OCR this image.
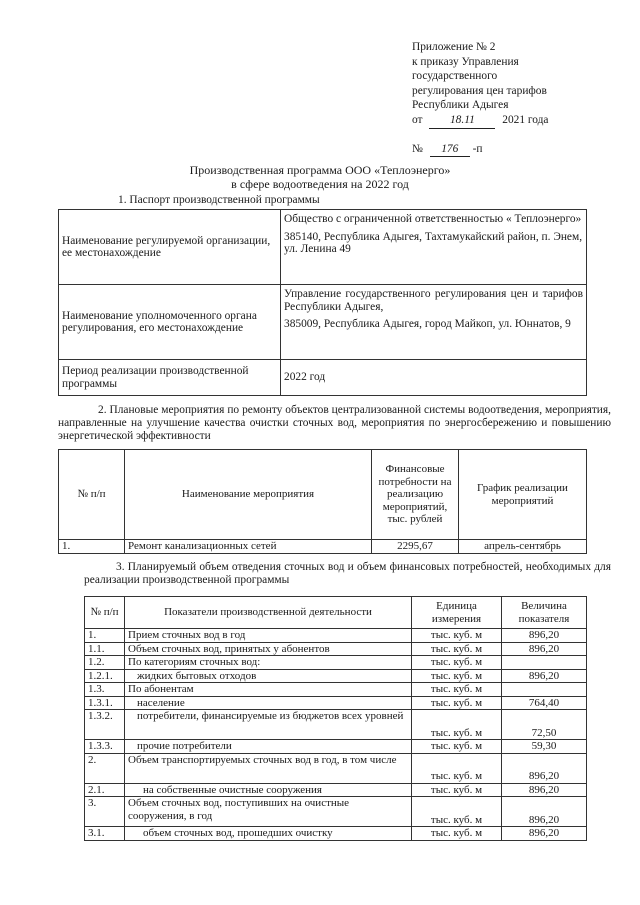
Приложение № 2
к приказу Управления
государственного
регулирования цен тарифов
Республики Адыгея
от 18.11 2021 года
№ 176 -п
Производственная программа ООО «Теплоэнерго»
в сфере водоотведения на 2022 год
1. Паспорт производственной программы
Наименование регулируемой организации, ее местонахождение	Общество с ограниченной ответственностью « Теплоэнерго»
385140, Республика Адыгея, Тахтамукайский район, п. Энем, ул. Ленина 49

Наименование уполномоченного органа регулирования, его местонахождение	Управление государственного регулирования цен и тарифов Республики Адыгея,
385009, Республика Адыгея, город Майкоп, ул. Юннатов, 9

Период реализации производственной программы	2022 год
2. Плановые мероприятия по ремонту объектов централизованной системы водоотведения, мероприятия, направленные на улучшение качества очистки сточных вод, мероприятия по энергосбережению и повышению энергетической эффективности
№ п/п	Наименование мероприятия	Финансовые потребности на реализацию мероприятий, тыс. рублей	График реализации мероприятий
1.	Ремонт канализационных сетей	2295,67	апрель-сентябрь
3. Планируемый объем отведения сточных вод и объем финансовых потребностей, необходимых для реализации производственной программы
№ п/п	Показатели производственной деятельности	Единица измерения	Величина показателя
1.	Прием сточных вод в год	тыс. куб. м	896,20
1.1.	Объем сточных вод, принятых у абонентов	тыс. куб. м	896,20
1.2.	По категориям сточных вод:	тыс. куб. м	
1.2.1.	жидких бытовых отходов	тыс. куб. м	896,20
1.3.	По абонентам	тыс. куб. м	
1.3.1.	население	тыс. куб. м	764,40
1.3.2.	потребители, финансируемые из бюджетов всех уровней	тыс. куб. м	72,50
1.3.3.	прочие потребители	тыс. куб. м	59,30
2.	Объем транспортируемых сточных вод в год, в том числе	тыс. куб. м	896,20
2.1.	на собственные очистные сооружения	тыс. куб. м	896,20
3.	Объем сточных вод, поступивших на очистные сооружения, в год	тыс. куб. м	896,20
3.1.	объем сточных вод, прошедших очистку	тыс. куб. м	896,20
